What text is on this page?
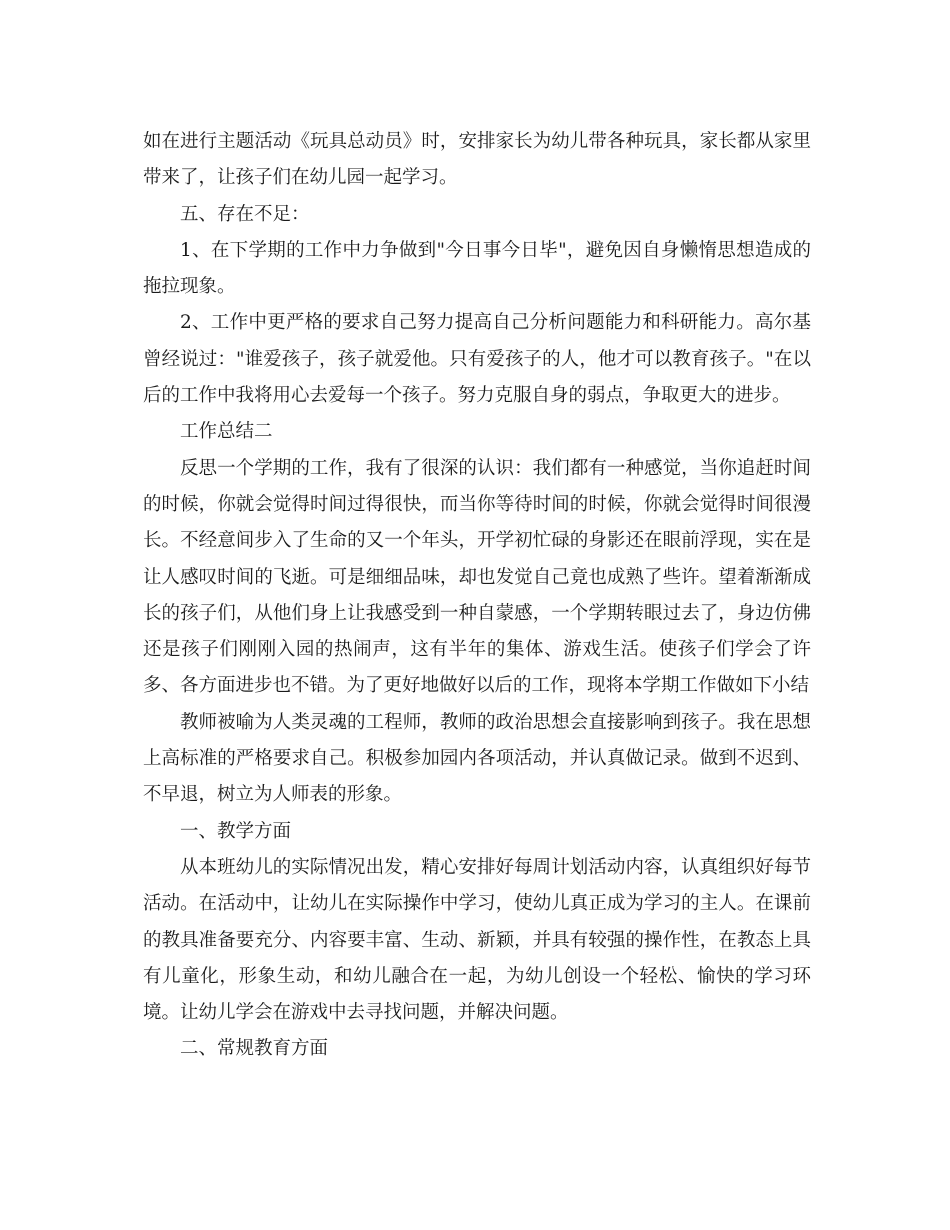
如在进行主题活动《玩具总动员》时，安排家长为幼儿带各种玩具，家长都从家里带来了，让孩子们在幼儿园一起学习。

五、存在不足：

1、在下学期的工作中力争做到"今日事今日毕"，避免因自身懒惰思想造成的拖拉现象。

2、工作中更严格的要求自己努力提高自己分析问题能力和科研能力。高尔基曾经说过："谁爱孩子，孩子就爱他。只有爱孩子的人，他才可以教育孩子。"在以后的工作中我将用心去爱每一个孩子。努力克服自身的弱点，争取更大的进步。

工作总结二

反思一个学期的工作，我有了很深的认识：我们都有一种感觉，当你追赶时间的时候，你就会觉得时间过得很快，而当你等待时间的时候，你就会觉得时间很漫长。不经意间步入了生命的又一个年头，开学初忙碌的身影还在眼前浮现，实在是让人感叹时间的飞逝。可是细细品味，却也发觉自己竟也成熟了些许。望着渐渐成长的孩子们，从他们身上让我感受到一种自蒙感，一个学期转眼过去了，身边仿佛还是孩子们刚刚入园的热闹声，这有半年的集体、游戏生活。使孩子们学会了许多、各方面进步也不错。为了更好地做好以后的工作，现将本学期工作做如下小结

教师被喻为人类灵魂的工程师，教师的政治思想会直接影响到孩子。我在思想上高标准的严格要求自己。积极参加园内各项活动，并认真做记录。做到不迟到、不早退，树立为人师表的形象。

一、教学方面

从本班幼儿的实际情况出发，精心安排好每周计划活动内容，认真组织好每节活动。在活动中，让幼儿在实际操作中学习，使幼儿真正成为学习的主人。在课前的教具准备要充分、内容要丰富、生动、新颖，并具有较强的操作性，在教态上具有儿童化，形象生动，和幼儿融合在一起，为幼儿创设一个轻松、愉快的学习环境。让幼儿学会在游戏中去寻找问题，并解决问题。

二、常规教育方面
